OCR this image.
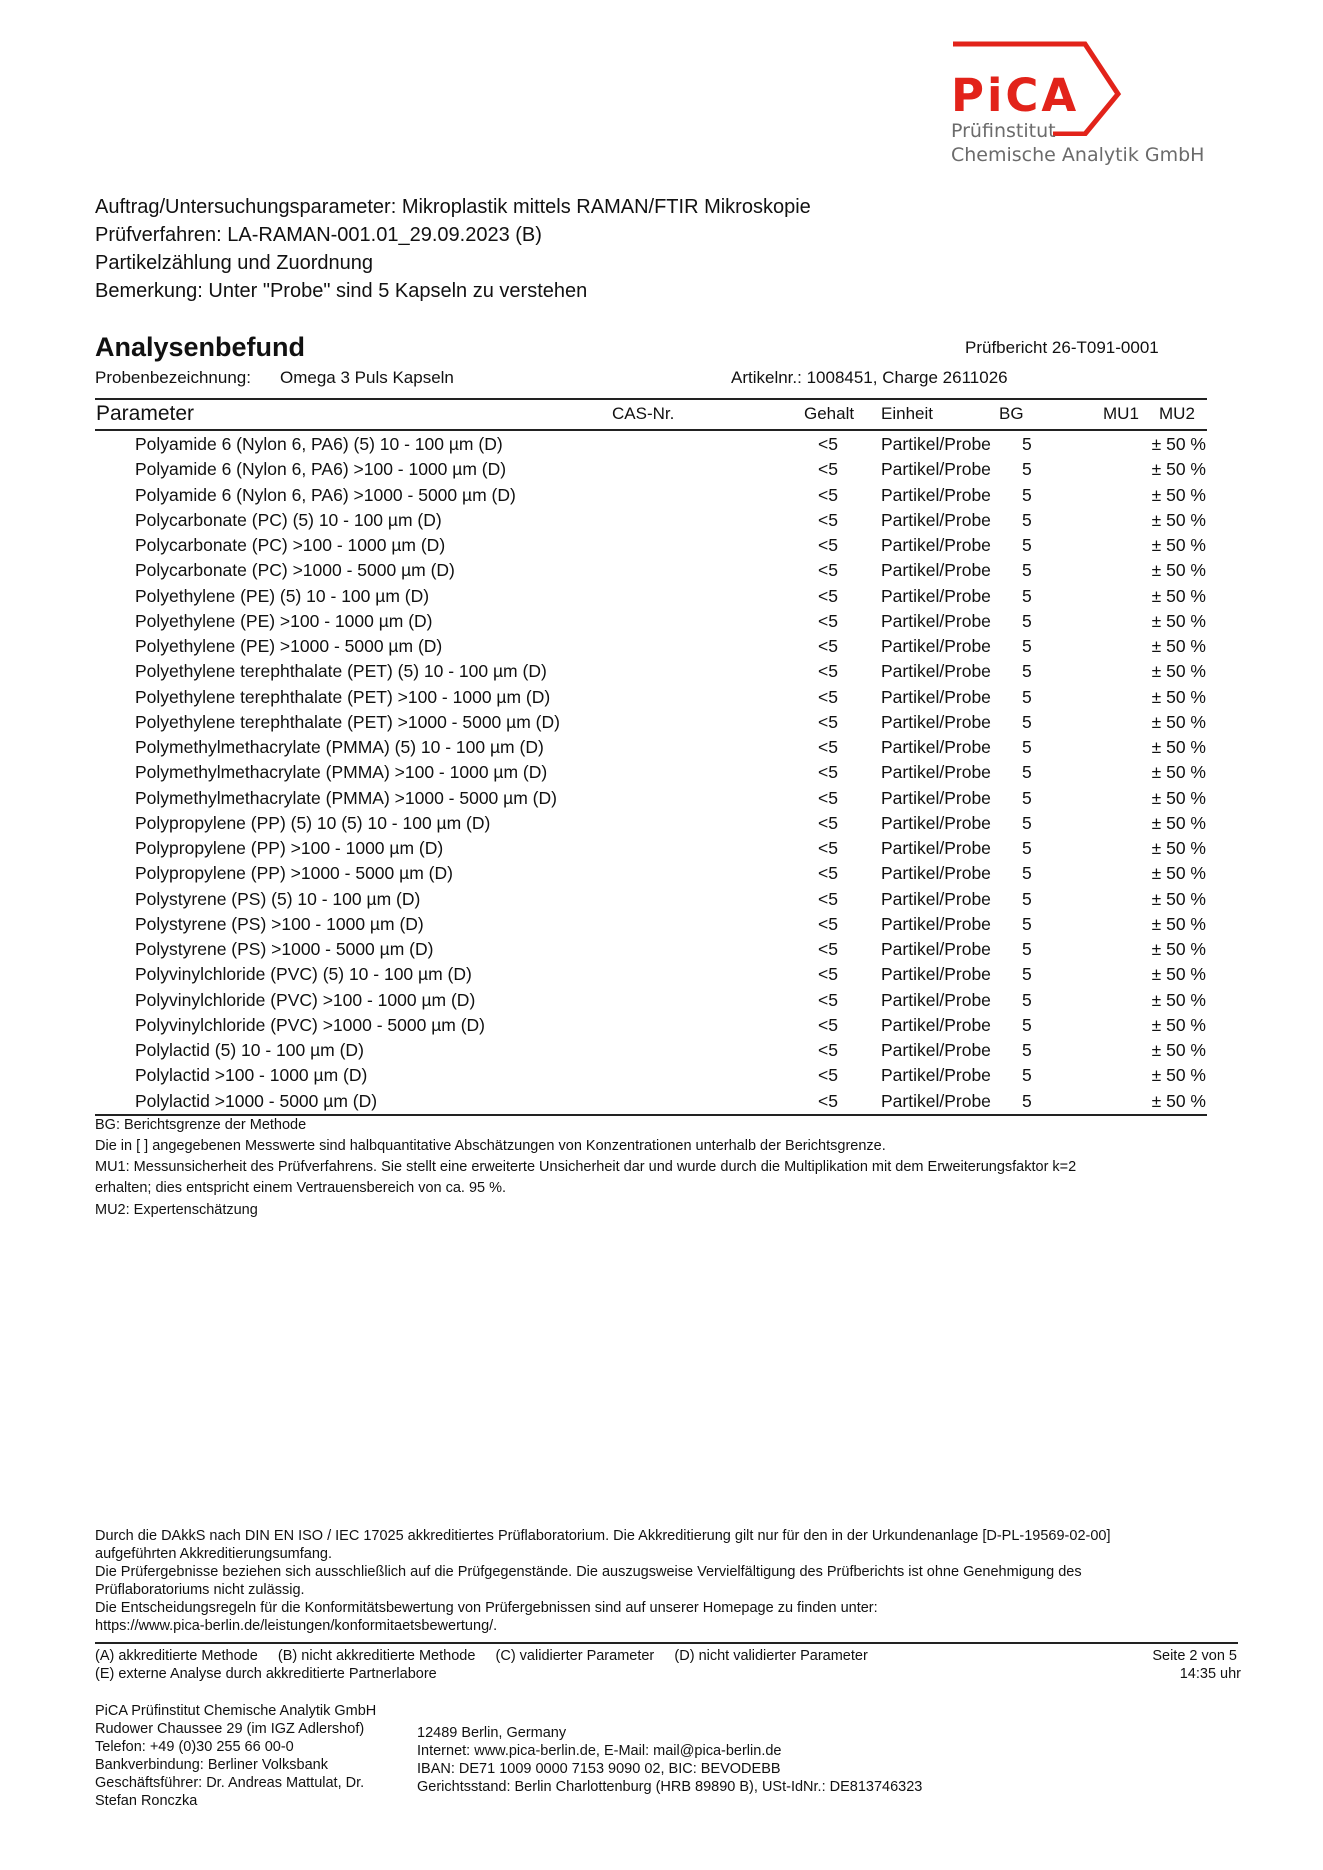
PiCA
Prüfinstitut
Chemische Analytik GmbH
Auftrag/Untersuchungsparameter: Mikroplastik mittels RAMAN/FTIR Mikroskopie
Prüfverfahren: LA-RAMAN-001.01_29.09.2023 (B)
Partikelzählung und Zuordnung
Bemerkung: Unter "Probe" sind 5 Kapseln zu verstehen
Analysenbefund	Prüfbericht 26-T091-0001
Probenbezeichnung: Omega 3 Puls Kapseln	Artikelnr.: 1008451, Charge 2611026
Parameter	CAS-Nr.	Gehalt Einheit	BG	MU1 MU2
Polyamide 6 (Nylon 6, PA6) (5) 10 - 100 µm (D)	<5 Partikel/Probe 5	± 50 %
Polyamide 6 (Nylon 6, PA6) >100 - 1000 µm (D)	<5 Partikel/Probe 5	± 50 %
Polyamide 6 (Nylon 6, PA6) >1000 - 5000 µm (D)	<5 Partikel/Probe 5	± 50 %
Polycarbonate (PC) (5) 10 - 100 µm (D)	<5 Partikel/Probe 5	± 50 %
Polycarbonate (PC) >100 - 1000 µm (D)	<5 Partikel/Probe 5	± 50 %
Polycarbonate (PC) >1000 - 5000 µm (D)	<5 Partikel/Probe 5	± 50 %
Polyethylene (PE) (5) 10 - 100 µm (D)	<5 Partikel/Probe 5	± 50 %
Polyethylene (PE) >100 - 1000 µm (D)	<5 Partikel/Probe 5	± 50 %
Polyethylene (PE) >1000 - 5000 µm (D)	<5 Partikel/Probe 5	± 50 %
Polyethylene terephthalate (PET) (5) 10 - 100 µm (D)	<5 Partikel/Probe 5	± 50 %
Polyethylene terephthalate (PET) >100 - 1000 µm (D)	<5 Partikel/Probe 5	± 50 %
Polyethylene terephthalate (PET) >1000 - 5000 µm (D)	<5 Partikel/Probe 5	± 50 %
Polymethylmethacrylate (PMMA) (5) 10 - 100 µm (D)	<5 Partikel/Probe 5	± 50 %
Polymethylmethacrylate (PMMA) >100 - 1000 µm (D)	<5 Partikel/Probe 5	± 50 %
Polymethylmethacrylate (PMMA) >1000 - 5000 µm (D)	<5 Partikel/Probe 5	± 50 %
Polypropylene (PP) (5) 10 (5) 10 - 100 µm (D)	<5 Partikel/Probe 5	± 50 %
Polypropylene (PP) >100 - 1000 µm (D)	<5 Partikel/Probe 5	± 50 %
Polypropylene (PP) >1000 - 5000 µm (D)	<5 Partikel/Probe 5	± 50 %
Polystyrene (PS) (5) 10 - 100 µm (D)	<5 Partikel/Probe 5	± 50 %
Polystyrene (PS) >100 - 1000 µm (D)	<5 Partikel/Probe 5	± 50 %
Polystyrene (PS) >1000 - 5000 µm (D)	<5 Partikel/Probe 5	± 50 %
Polyvinylchloride (PVC) (5) 10 - 100 µm (D)	<5 Partikel/Probe 5	± 50 %
Polyvinylchloride (PVC) >100 - 1000 µm (D)	<5 Partikel/Probe 5	± 50 %
Polyvinylchloride (PVC) >1000 - 5000 µm (D)	<5 Partikel/Probe 5	± 50 %
Polylactid (5) 10 - 100 µm (D)	<5 Partikel/Probe 5	± 50 %
Polylactid >100 - 1000 µm (D)	<5 Partikel/Probe 5	± 50 %
Polylactid >1000 - 5000 µm (D)	<5 Partikel/Probe 5	± 50 %
BG: Berichtsgrenze der Methode
Die in [ ] angegebenen Messwerte sind halbquantitative Abschätzungen von Konzentrationen unterhalb der Berichtsgrenze.
MU1: Messunsicherheit des Prüfverfahrens. Sie stellt eine erweiterte Unsicherheit dar und wurde durch die Multiplikation mit dem Erweiterungsfaktor k=2
erhalten; dies entspricht einem Vertrauensbereich von ca. 95 %.
MU2: Expertenschätzung
Durch die DAkkS nach DIN EN ISO / IEC 17025 akkreditiertes Prüflaboratorium. Die Akkreditierung gilt nur für den in der Urkundenanlage [D-PL-19569-02-00]
aufgeführten Akkreditierungsumfang.
Die Prüfergebnisse beziehen sich ausschließlich auf die Prüfgegenstände. Die auszugsweise Vervielfältigung des Prüfberichts ist ohne Genehmigung des
Prüflaboratoriums nicht zulässig.
Die Entscheidungsregeln für die Konformitätsbewertung von Prüfergebnissen sind auf unserer Homepage zu finden unter:
https://www.pica-berlin.de/leistungen/konformitaetsbewertung/.
(A) akkreditierte Methode     (B) nicht akkreditierte Methode     (C) validierter Parameter     (D) nicht validierter Parameter
(E) externe Analyse durch akkreditierte Partnerlabore
Seite 2 von 5
14:35 uhr
PiCA Prüfinstitut Chemische Analytik GmbH
Rudower Chaussee 29 (im IGZ Adlershof)
Telefon: +49 (0)30 255 66 00-0
Bankverbindung: Berliner Volksbank
Geschäftsführer: Dr. Andreas Mattulat, Dr.
Stefan Ronczka
12489 Berlin, Germany
Internet: www.pica-berlin.de, E-Mail: mail@pica-berlin.de
IBAN: DE71 1009 0000 7153 9090 02, BIC: BEVODEBB
Gerichtsstand: Berlin Charlottenburg (HRB 89890 B), USt-IdNr.: DE813746323
